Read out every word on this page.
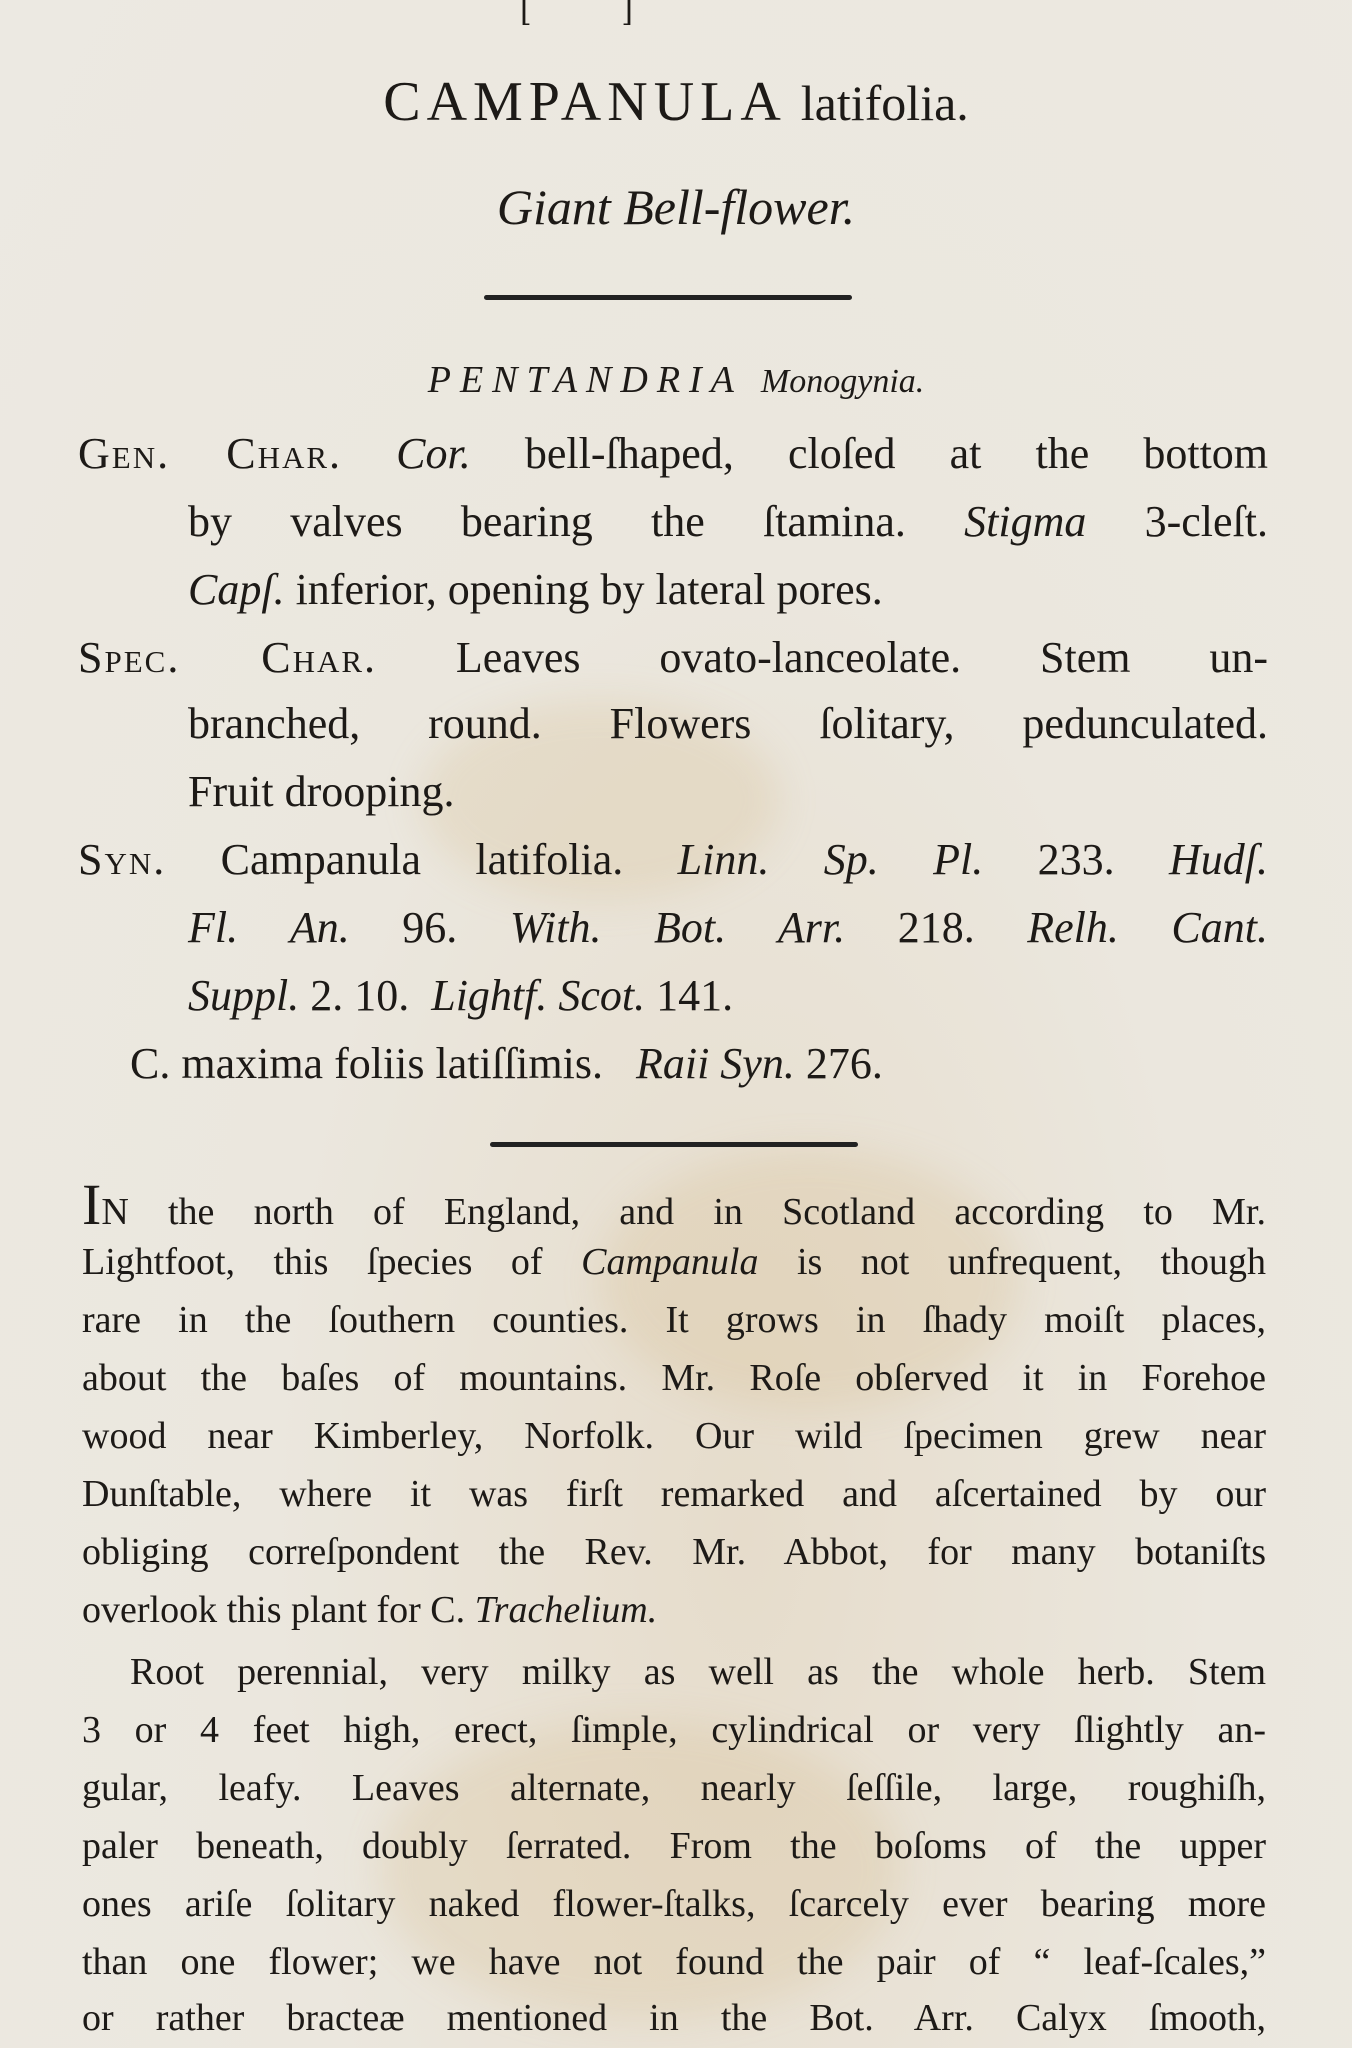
[ ]
CAMPANULA latifolia.
Giant Bell-flower.
PENTANDRIA Monogynia.
Gen. Char. Cor. bell-ſhaped, cloſed at the bottom
by valves bearing the ſtamina. Stigma 3-cleſt.
Capſ. inferior, opening by lateral pores.
Spec. Char. Leaves ovato-lanceolate. Stem un-
branched, round. Flowers ſolitary, pedunculated.
Fruit drooping.
Syn. Campanula latifolia. Linn. Sp. Pl. 233. Hudſ.
Fl. An. 96. With. Bot. Arr. 218. Relh. Cant.
Suppl. 2. 10. Lightf. Scot. 141.
C. maxima foliis latiſſimis. Raii Syn. 276.
IN the north of England, and in Scotland according to Mr.
Lightfoot, this ſpecies of Campanula is not unfrequent, though
rare in the ſouthern counties. It grows in ſhady moiſt places,
about the baſes of mountains. Mr. Roſe obſerved it in Forehoe
wood near Kimberley, Norfolk. Our wild ſpecimen grew near
Dunſtable, where it was firſt remarked and aſcertained by our
obliging correſpondent the Rev. Mr. Abbot, for many botaniſts
overlook this plant for C. Trachelium.
Root perennial, very milky as well as the whole herb. Stem
3 or 4 feet high, erect, ſimple, cylindrical or very ſlightly an-
gular, leafy. Leaves alternate, nearly ſeſſile, large, roughiſh,
paler beneath, doubly ſerrated. From the boſoms of the upper
ones ariſe ſolitary naked flower-ſtalks, ſcarcely ever bearing more
than one flower; we have not found the pair of “ leaf-ſcales,”
or rather bracteæ mentioned in the Bot. Arr. Calyx ſmooth,
